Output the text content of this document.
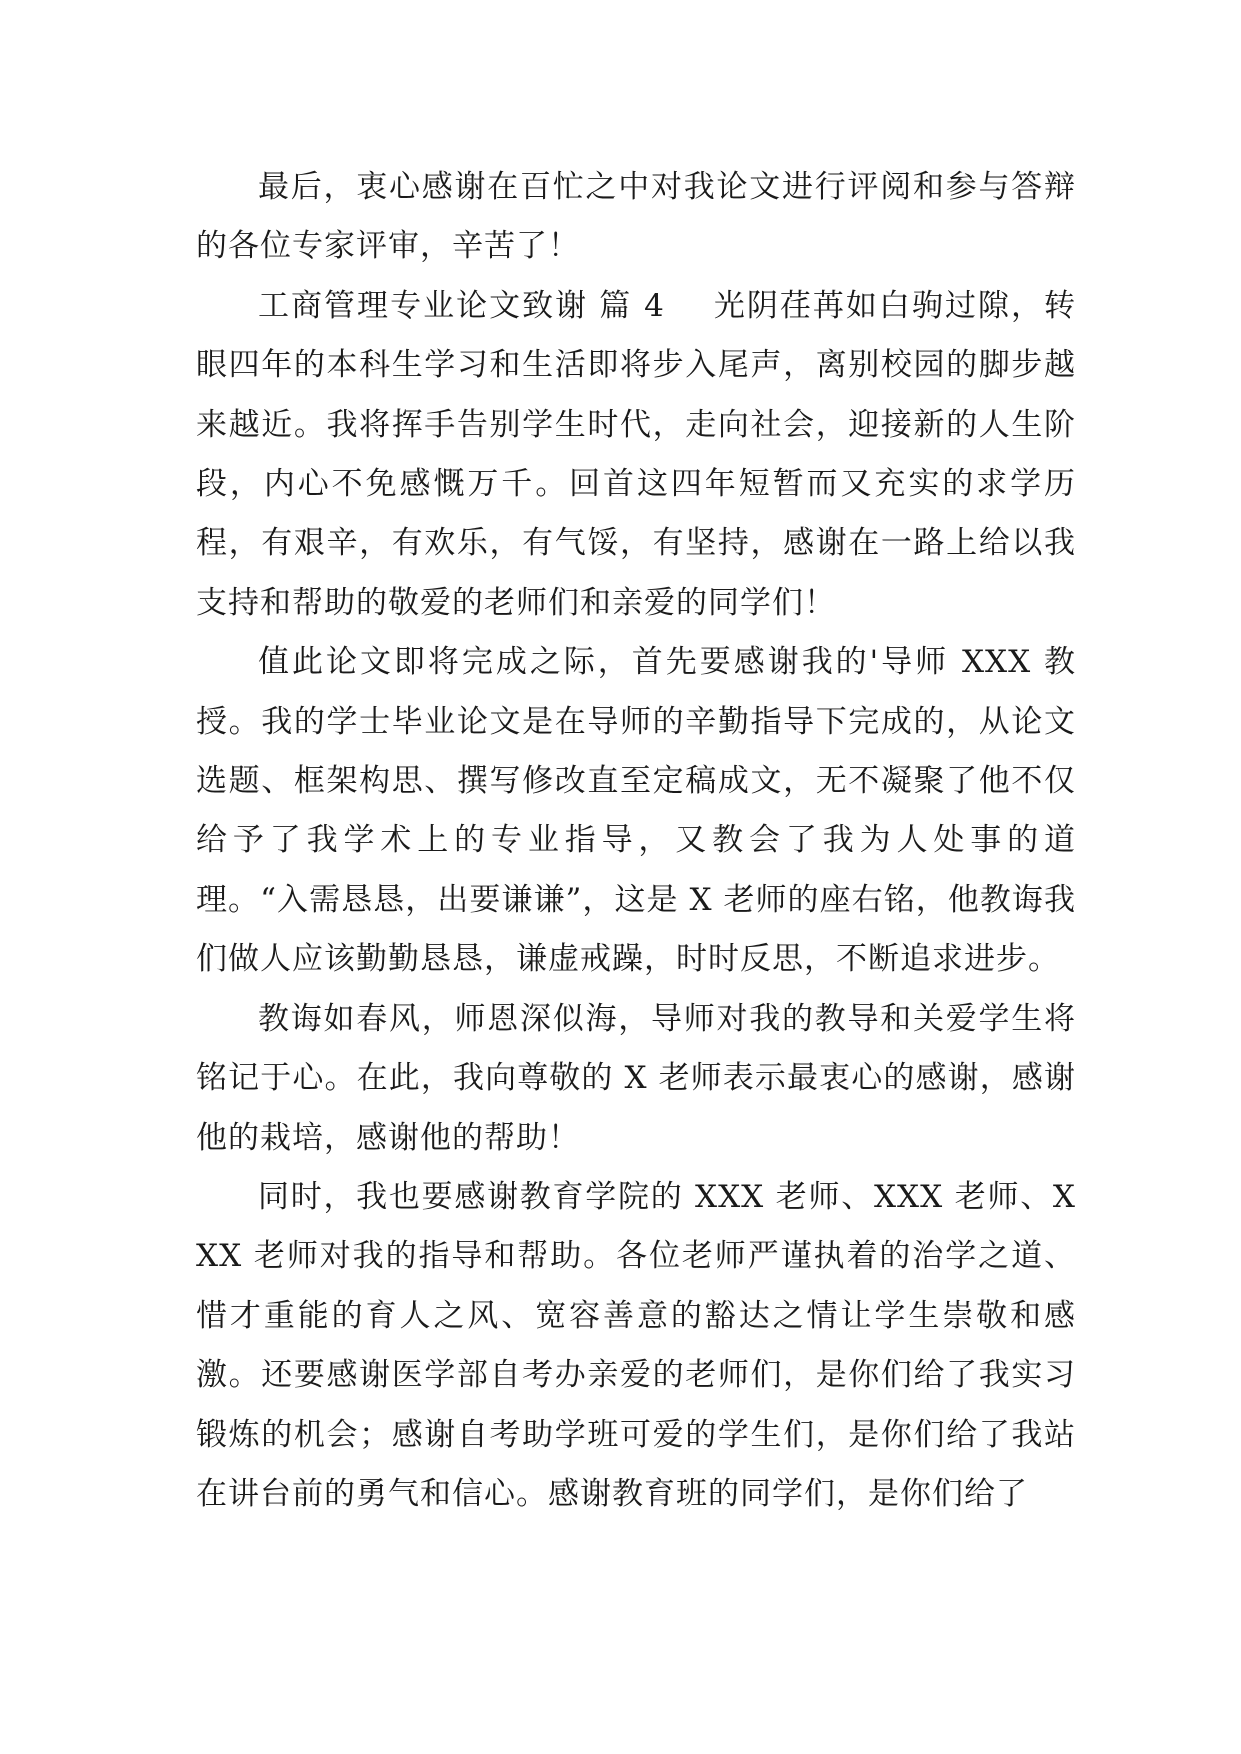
最后，衷心感谢在百忙之中对我论文进行评阅和参与答辩的各位专家评审，辛苦了！

工商管理专业论文致谢 篇 4 光阴荏苒如白驹过隙，转眼四年的本科生学习和生活即将步入尾声，离别校园的脚步越来越近。我将挥手告别学生时代，走向社会，迎接新的人生阶段，内心不免感慨万千。回首这四年短暂而又充实的求学历程，有艰辛，有欢乐，有气馁，有坚持，感谢在一路上给以我支持和帮助的敬爱的老师们和亲爱的同学们！

值此论文即将完成之际，首先要感谢我的'导师 XXX 教授。我的学士毕业论文是在导师的辛勤指导下完成的，从论文选题、框架构思、撰写修改直至定稿成文，无不凝聚了他不仅给予了我学术上的专业指导，又教会了我为人处事的道理。“入需恳恳，出要谦谦”，这是 X 老师的座右铭，他教诲我们做人应该勤勤恳恳，谦虚戒躁，时时反思，不断追求进步。

教诲如春风，师恩深似海，导师对我的教导和关爱学生将铭记于心。在此，我向尊敬的 X 老师表示最衷心的感谢，感谢他的栽培，感谢他的帮助！

同时，我也要感谢教育学院的 XXX 老师、XXX 老师、XXX 老师对我的指导和帮助。各位老师严谨执着的治学之道、惜才重能的育人之风、宽容善意的豁达之情让学生崇敬和感激。还要感谢医学部自考办亲爱的老师们，是你们给了我实习锻炼的机会；感谢自考助学班可爱的学生们，是你们给了我站在讲台前的勇气和信心。感谢教育班的同学们，是你们给了
